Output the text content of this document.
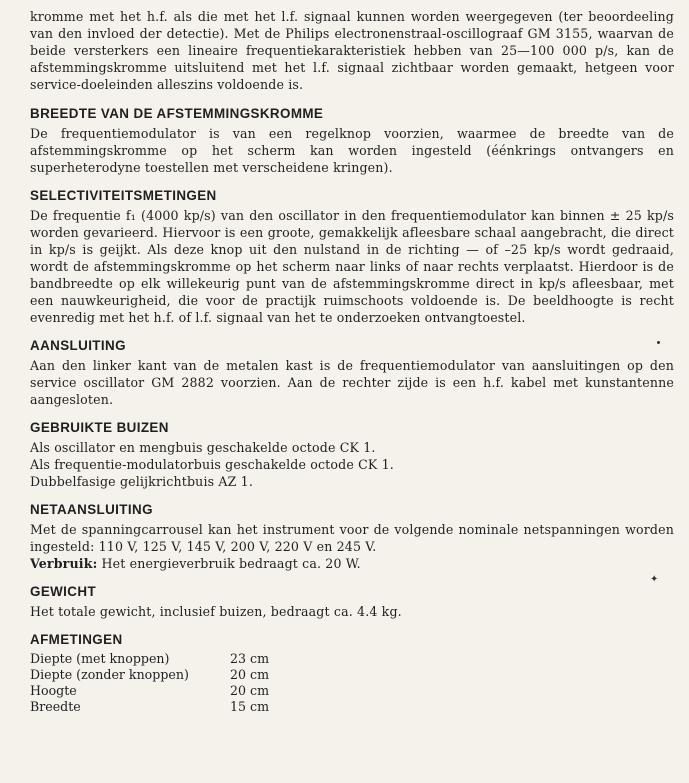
kromme met het h.f. als die met het l.f. signaal kunnen worden weergegeven (ter beoordeeling van den invloed der detectie). Met de Philips electronenstraal-oscillograaf GM 3155, waarvan de beide versterkers een lineaire frequentiekarakteristiek hebben van 25—100 000 p/s, kan de afstemmingskromme uitsluitend met het l.f. signaal zichtbaar worden gemaakt, hetgeen voor service-doeleinden alleszins voldoende is.

BREEDTE VAN DE AFSTEMMINGSKROMME

De frequentiemodulator is van een regelknop voorzien, waarmee de breedte van de afstemmingskromme op het scherm kan worden ingesteld (éénkrings ontvangers en superheterodyne toestellen met verscheidene kringen).

SELECTIVITEITSMETINGEN

De frequentie f₁ (4000 kp/s) van den oscillator in den frequentiemodulator kan binnen ± 25 kp/s worden gevarieerd. Hiervoor is een groote, gemakkelijk afleesbare schaal aangebracht, die direct in kp/s is geijkt. Als deze knop uit den nulstand in de richting — of –25 kp/s wordt gedraaid, wordt de afstemmingskromme op het scherm naar links of naar rechts verplaatst. Hierdoor is de bandbreedte op elk willekeurig punt van de afstemmingskromme direct in kp/s afleesbaar, met een nauwkeurigheid, die voor de practijk ruimschoots voldoende is. De beeldhoogte is recht evenredig met het h.f. of l.f. signaal van het te onderzoeken ontvangtoestel.

AANSLUITING

Aan den linker kant van de metalen kast is de frequentiemodulator van aansluitingen op den service oscillator GM 2882 voorzien. Aan de rechter zijde is een h.f. kabel met kunstantenne aangesloten.

GEBRUIKTE BUIZEN

Als oscillator en mengbuis geschakelde octode CK 1.
Als frequentie-modulatorbuis geschakelde octode CK 1.
Dubbelfasige gelijkrichtbuis AZ 1.

NETAANSLUITING

Met de spanningcarrousel kan het instrument voor de volgende nominale netspanningen worden ingesteld: 110 V, 125 V, 145 V, 200 V, 220 V en 245 V.
Verbruik: Het energieverbruik bedraagt ca. 20 W.

GEWICHT

Het totale gewicht, inclusief buizen, bedraagt ca. 4.4 kg.

AFMETINGEN
Diepte (met knoppen)	23 cm
Diepte (zonder knoppen)	20 cm
Hoogte	20 cm
Breedte	15 cm
✦
